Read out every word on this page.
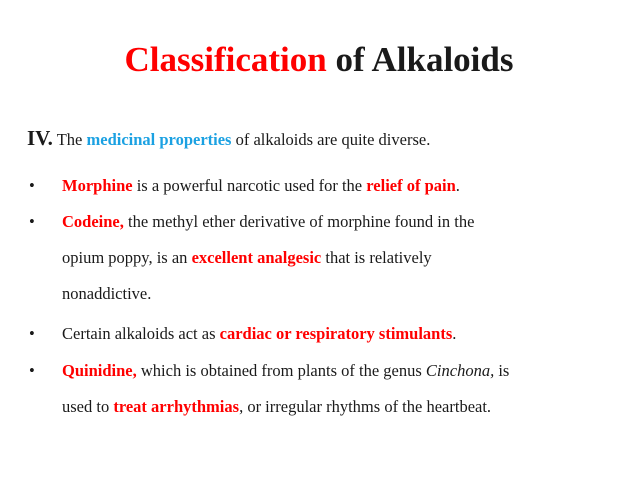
Classification of Alkaloids
IV. The medicinal properties of alkaloids are quite diverse.
• Morphine is a powerful narcotic used for the relief of pain.
• Codeine, the methyl ether derivative of morphine found in the
opium poppy, is an excellent analgesic that is relatively
nonaddictive.
• Certain alkaloids act as cardiac or respiratory stimulants.
• Quinidine, which is obtained from plants of the genus Cinchona, is
used to treat arrhythmias, or irregular rhythms of the heartbeat.
